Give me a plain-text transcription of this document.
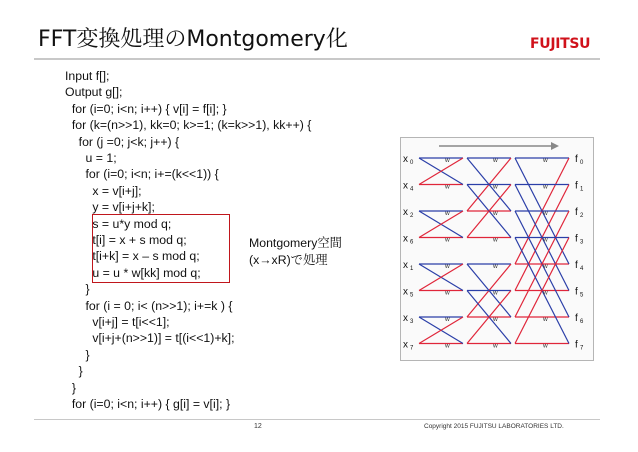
FFT変換処理のMontgomery化	FUJITSU
Input f[];
Output g[];
for (i=0; i<n; i++) { v[i] = f[i]; }
for (k=(n>>1), kk=0; k>=1; (k=k>>1), kk++) {
for (j =0; j<k; j++) {
u = 1;
for (i=0; i<n; i+=(k<<1)) {
x = v[i+j];
y = v[i+j+k];
s = u*y mod q;
t[i] = x + s mod q;
t[i+k] = x – s mod q;
u = u * w[kk] mod q;
}
for (i = 0; i< (n>>1); i+=k ) {
v[i+j] = t[i<<1];
v[i+j+(n>>1)] = t[(i<<1)+k];
}
}
}
for (i=0; i<n; i++) { g[i] = v[i]; }
Montgomery空間
(x→xR)で処理
x 0
x 4
x 2
x 6
x 1
x 5
x 3
x 7
f 0
f 1
f 2
f 3
f 4
f 5
f 6
f 7
w
w
w
w
w
w
w
w
w
w
w
w
w
w
w
w
w
w
w
w
w
w
w
w
12	Copyright 2015 FUJITSU LABORATORIES LTD.
